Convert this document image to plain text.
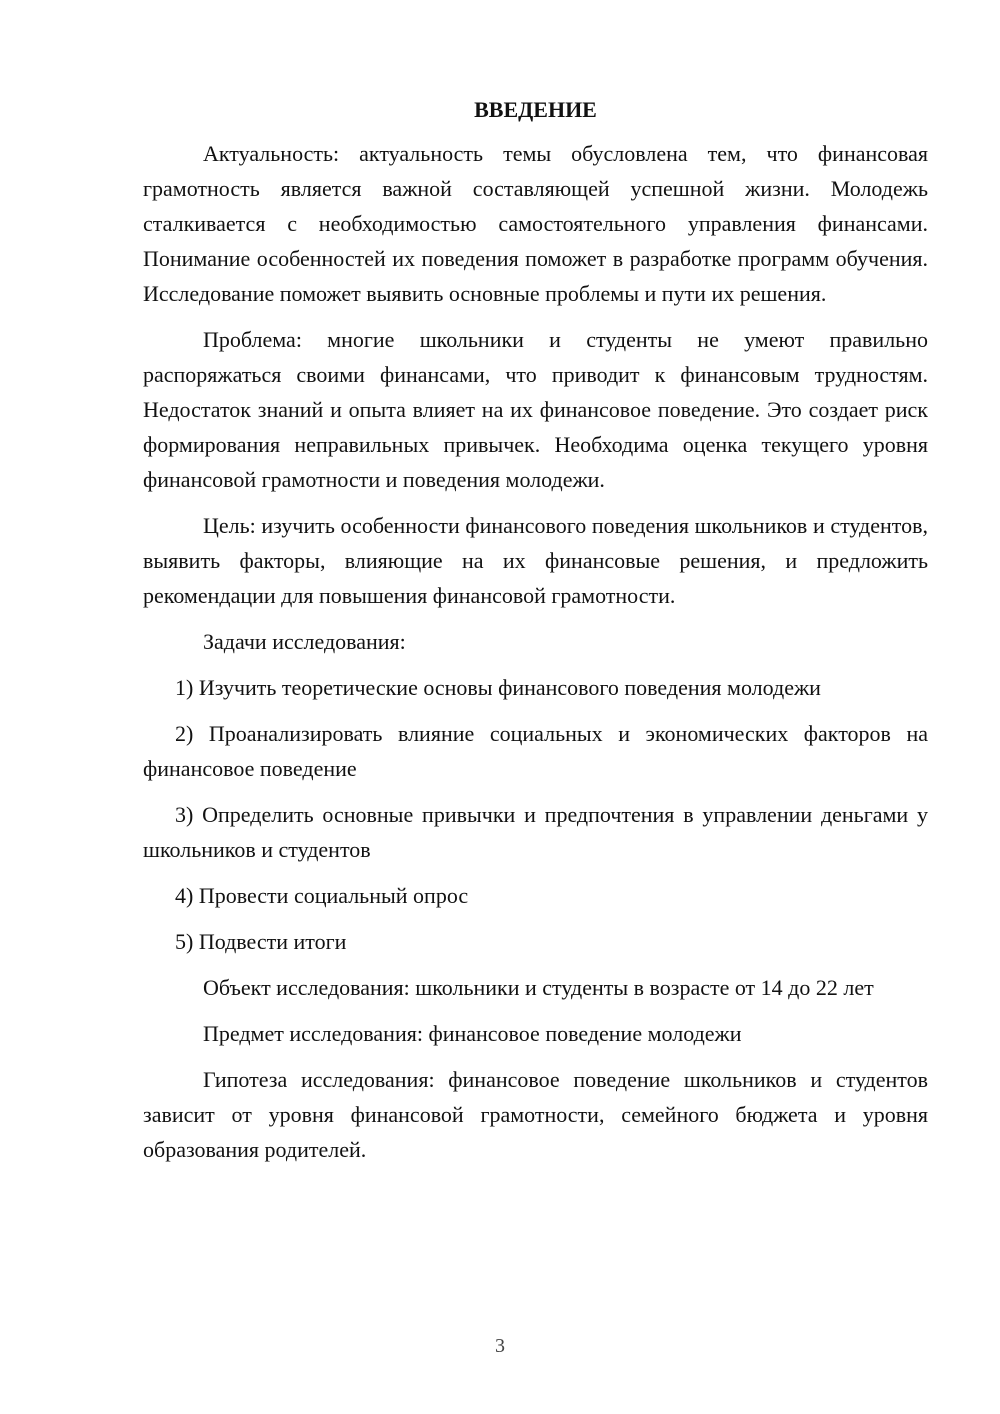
ВВЕДЕНИЕ

Актуальность: актуальность темы обусловлена тем, что финансовая грамотность является важной составляющей успешной жизни. Молодежь сталкивается с необходимостью самостоятельного управления финансами. Понимание особенностей их поведения поможет в разработке программ обучения. Исследование поможет выявить основные проблемы и пути их решения.

Проблема: многие школьники и студенты не умеют правильно распоряжаться своими финансами, что приводит к финансовым трудностям. Недостаток знаний и опыта влияет на их финансовое поведение. Это создает риск формирования неправильных привычек. Необходима оценка текущего уровня финансовой грамотности и поведения молодежи.

Цель: изучить особенности финансового поведения школьников и студентов, выявить факторы, влияющие на их финансовые решения, и предложить рекомендации для повышения финансовой грамотности.

Задачи исследования:

1) Изучить теоретические основы финансового поведения молодежи

2) Проанализировать влияние социальных и экономических факторов на финансовое поведение

3) Определить основные привычки и предпочтения в управлении деньгами у школьников и студентов

4) Провести социальный опрос

5) Подвести итоги

Объект исследования: школьники и студенты в возрасте от 14 до 22 лет

Предмет исследования: финансовое поведение молодежи

Гипотеза исследования: финансовое поведение школьников и студентов зависит от уровня финансовой грамотности, семейного бюджета и уровня образования родителей.

3
